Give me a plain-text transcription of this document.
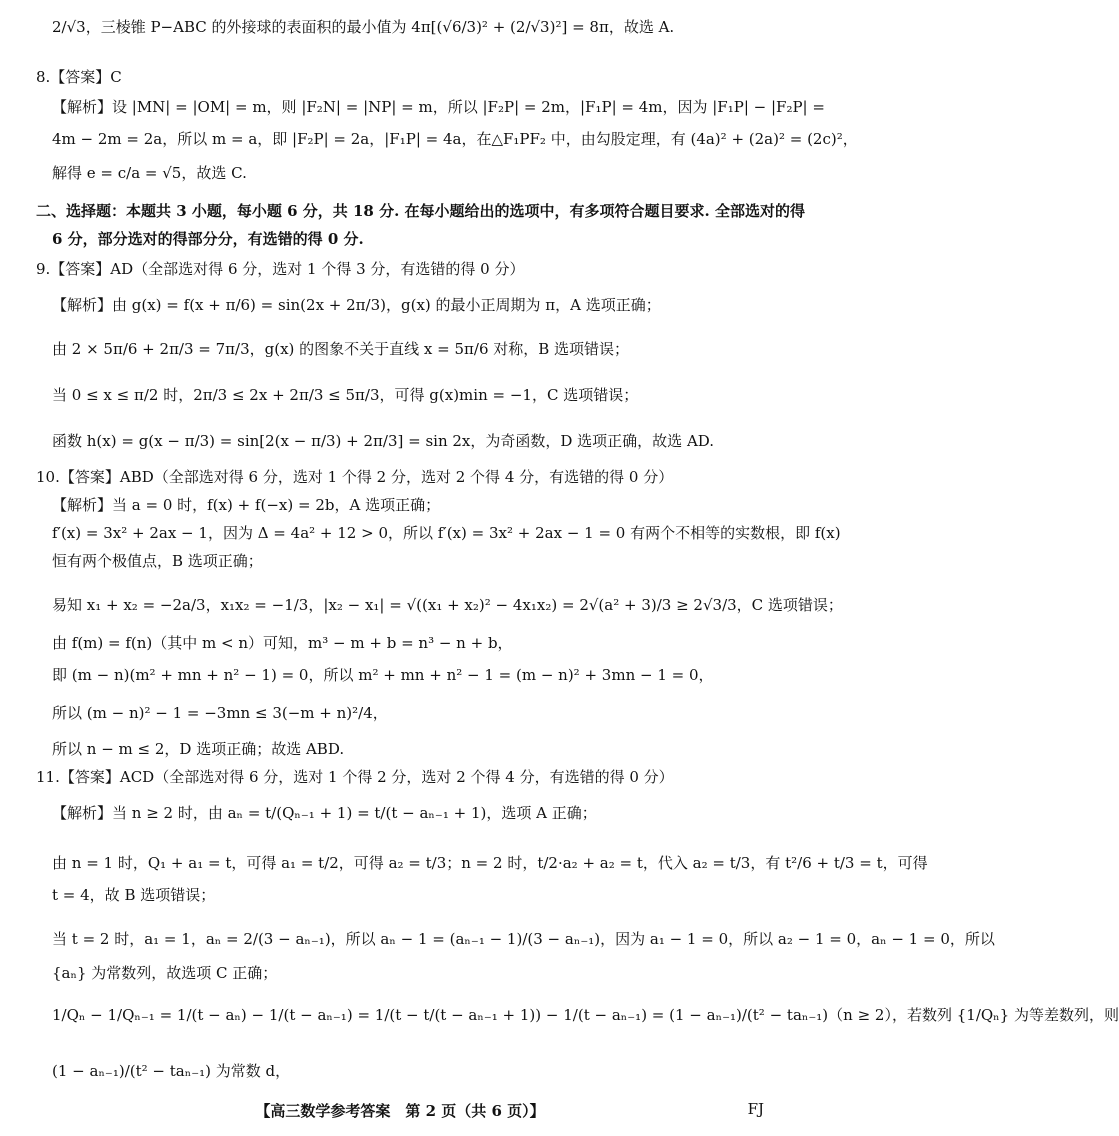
2/√3，三棱锥 P−ABC 的外接球的表面积的最小值为 4π[(√6/3)² + (2/√3)²] = 8π，故选 A.
8.【答案】C
【解析】设 |MN| = |OM| = m，则 |F₂N| = |NP| = m，所以 |F₂P| = 2m，|F₁P| = 4m，因为 |F₁P| − |F₂P| =
4m − 2m = 2a，所以 m = a，即 |F₂P| = 2a，|F₁P| = 4a，在△F₁PF₂ 中，由勾股定理，有 (4a)² + (2a)² = (2c)²，
解得 e = c/a = √5，故选 C.
二、选择题：本题共 3 小题，每小题 6 分，共 18 分. 在每小题给出的选项中，有多项符合题目要求. 全部选对的得
6 分，部分选对的得部分分，有选错的得 0 分.
9.【答案】AD（全部选对得 6 分，选对 1 个得 3 分，有选错的得 0 分）
【解析】由 g(x) = f(x + π/6) = sin(2x + 2π/3)，g(x) 的最小正周期为 π，A 选项正确；
由 2 × 5π/6 + 2π/3 = 7π/3，g(x) 的图象不关于直线 x = 5π/6 对称，B 选项错误；
当 0 ≤ x ≤ π/2 时，2π/3 ≤ 2x + 2π/3 ≤ 5π/3，可得 g(x)min = −1，C 选项错误；
函数 h(x) = g(x − π/3) = sin[2(x − π/3) + 2π/3] = sin 2x，为奇函数，D 选项正确，故选 AD.
10.【答案】ABD（全部选对得 6 分，选对 1 个得 2 分，选对 2 个得 4 分，有选错的得 0 分）
【解析】当 a = 0 时，f(x) + f(−x) = 2b，A 选项正确；
f′(x) = 3x² + 2ax − 1，因为 Δ = 4a² + 12 > 0，所以 f′(x) = 3x² + 2ax − 1 = 0 有两个不相等的实数根，即 f(x)
恒有两个极值点，B 选项正确；
易知 x₁ + x₂ = −2a/3，x₁x₂ = −1/3，|x₂ − x₁| = √((x₁ + x₂)² − 4x₁x₂) = 2√(a² + 3)/3 ≥ 2√3/3，C 选项错误；
由 f(m) = f(n)（其中 m < n）可知，m³ − m + b = n³ − n + b，
即 (m − n)(m² + mn + n² − 1) = 0，所以 m² + mn + n² − 1 = (m − n)² + 3mn − 1 = 0，
所以 (m − n)² − 1 = −3mn ≤ 3(−m + n)²/4，
所以 n − m ≤ 2，D 选项正确；故选 ABD.
11.【答案】ACD（全部选对得 6 分，选对 1 个得 2 分，选对 2 个得 4 分，有选错的得 0 分）
【解析】当 n ≥ 2 时，由 aₙ = t/(Qₙ₋₁ + 1) = t/(t − aₙ₋₁ + 1)，选项 A 正确；
由 n = 1 时，Q₁ + a₁ = t，可得 a₁ = t/2，可得 a₂ = t/3；n = 2 时，t/2·a₂ + a₂ = t，代入 a₂ = t/3，有 t²/6 + t/3 = t，可得
t = 4，故 B 选项错误；
当 t = 2 时，a₁ = 1，aₙ = 2/(3 − aₙ₋₁)，所以 aₙ − 1 = (aₙ₋₁ − 1)/(3 − aₙ₋₁)，因为 a₁ − 1 = 0，所以 a₂ − 1 = 0，aₙ − 1 = 0，所以
{aₙ} 为常数列，故选项 C 正确；
1/Qₙ − 1/Qₙ₋₁ = 1/(t − aₙ) − 1/(t − aₙ₋₁) = 1/(t − t/(t − aₙ₋₁ + 1)) − 1/(t − aₙ₋₁) = (1 − aₙ₋₁)/(t² − taₙ₋₁)（n ≥ 2），若数列 {1/Qₙ} 为等差数列，则
(1 − aₙ₋₁)/(t² − taₙ₋₁) 为常数 d，
【高三数学参考答案　第 2 页（共 6 页）】	FJ
